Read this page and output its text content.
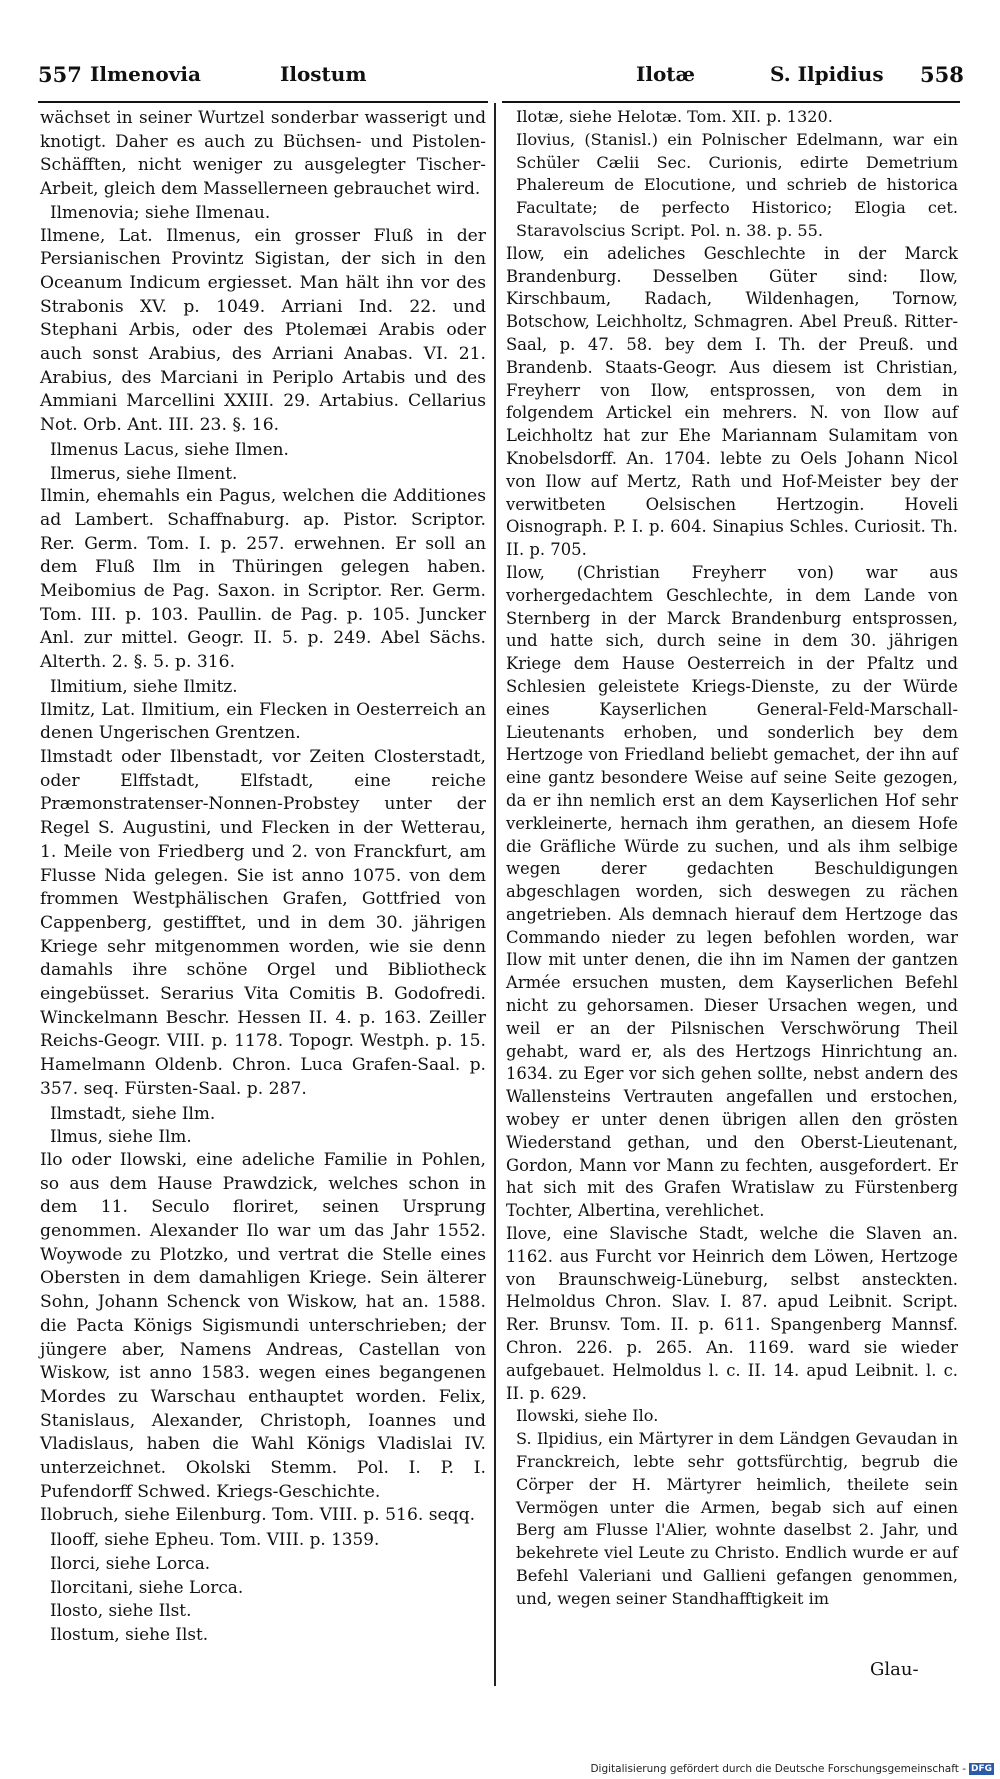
557 Ilmenovia	Ilostum	Ilotæ	S. Ilpidius 558

wächset in seiner Wurtzel sonderbar wasserigt und knotigt. Daher es auch zu Büchsen- und Pistolen-Schäfften, nicht weniger zu ausgelegter Tischer-Arbeit, gleich dem Massellerneen gebrauchet wird.

Ilmenovia; siehe Ilmenau.

Ilmene, Lat. Ilmenus, ein grosser Fluß in der Persianischen Provintz Sigistan, der sich in den Oceanum Indicum ergiesset. Man hält ihn vor des Strabonis XV. p. 1049. Arriani Ind. 22. und Stephani Arbis, oder des Ptolemæi Arabis oder auch sonst Arabius, des Arriani Anabas. VI. 21. Arabius, des Marciani in Periplo Artabis und des Ammiani Marcellini XXIII. 29. Artabius. Cellarius Not. Orb. Ant. III. 23. §. 16.

Ilmenus Lacus, siehe Ilmen.

Ilmerus, siehe Ilment.

Ilmin, ehemahls ein Pagus, welchen die Additiones ad Lambert. Schaffnaburg. ap. Pistor. Scriptor. Rer. Germ. Tom. I. p. 257. erwehnen. Er soll an dem Fluß Ilm in Thüringen gelegen haben. Meibomius de Pag. Saxon. in Scriptor. Rer. Germ. Tom. III. p. 103. Paullin. de Pag. p. 105. Juncker Anl. zur mittel. Geogr. II. 5. p. 249. Abel Sächs. Alterth. 2. §. 5. p. 316.

Ilmitium, siehe Ilmitz.

Ilmitz, Lat. Ilmitium, ein Flecken in Oesterreich an denen Ungerischen Grentzen.

Ilmstadt oder Ilbenstadt, vor Zeiten Closterstadt, oder Elffstadt, Elfstadt, eine reiche Præmonstratenser-Nonnen-Probstey unter der Regel S. Augustini, und Flecken in der Wetterau, 1. Meile von Friedberg und 2. von Franckfurt, am Flusse Nida gelegen. Sie ist anno 1075. von dem frommen Westphälischen Grafen, Gottfried von Cappenberg, gestifftet, und in dem 30. jährigen Kriege sehr mitgenommen worden, wie sie denn damahls ihre schöne Orgel und Bibliotheck eingebüsset. Serarius Vita Comitis B. Godofredi. Winckelmann Beschr. Hessen II. 4. p. 163. Zeiller Reichs-Geogr. VIII. p. 1178. Topogr. Westph. p. 15. Hamelmann Oldenb. Chron. Luca Grafen-Saal. p. 357. seq. Fürsten-Saal. p. 287.

Ilmstadt, siehe Ilm.

Ilmus, siehe Ilm.

Ilo oder Ilowski, eine adeliche Familie in Pohlen, so aus dem Hause Prawdzick, welches schon in dem 11. Seculo floriret, seinen Ursprung genommen. Alexander Ilo war um das Jahr 1552. Woywode zu Plotzko, und vertrat die Stelle eines Obersten in dem damahligen Kriege. Sein älterer Sohn, Johann Schenck von Wiskow, hat an. 1588. die Pacta Königs Sigismundi unterschrieben; der jüngere aber, Namens Andreas, Castellan von Wiskow, ist anno 1583. wegen eines begangenen Mordes zu Warschau enthauptet worden. Felix, Stanislaus, Alexander, Christoph, Ioannes und Vladislaus, haben die Wahl Königs Vladislai IV. unterzeichnet. Okolski Stemm. Pol. I. P. I. Pufendorff Schwed. Kriegs-Geschichte.

Ilobruch, siehe Eilenburg. Tom. VIII. p. 516. seqq.

Ilooff, siehe Epheu. Tom. VIII. p. 1359.

Ilorci, siehe Lorca.

Ilorcitani, siehe Lorca.

Ilosto, siehe Ilst.

Ilostum, siehe Ilst.

Ilotæ, siehe Helotæ. Tom. XII. p. 1320.

Ilovius, (Stanisl.) ein Polnischer Edelmann, war ein Schüler Cælii Sec. Curionis, edirte Demetrium Phalereum de Elocutione, und schrieb de historica Facultate; de perfecto Historico; Elogia cet. Staravolscius Script. Pol. n. 38. p. 55.

Ilow, ein adeliches Geschlechte in der Marck Brandenburg. Desselben Güter sind: Ilow, Kirschbaum, Radach, Wildenhagen, Tornow, Botschow, Leichholtz, Schmagren. Abel Preuß. Ritter-Saal, p. 47. 58. bey dem I. Th. der Preuß. und Brandenb. Staats-Geogr. Aus diesem ist Christian, Freyherr von Ilow, entsprossen, von dem in folgendem Artickel ein mehrers. N. von Ilow auf Leichholtz hat zur Ehe Mariannam Sulamitam von Knobelsdorff. An. 1704. lebte zu Oels Johann Nicol von Ilow auf Mertz, Rath und Hof-Meister bey der verwitbeten Oelsischen Hertzogin. Hoveli Oisnograph. P. I. p. 604. Sinapius Schles. Curiosit. Th. II. p. 705.

Ilow, (Christian Freyherr von) war aus vorhergedachtem Geschlechte, in dem Lande von Sternberg in der Marck Brandenburg entsprossen, und hatte sich, durch seine in dem 30. jährigen Kriege dem Hause Oesterreich in der Pfaltz und Schlesien geleistete Kriegs-Dienste, zu der Würde eines Kayserlichen General-Feld-Marschall-Lieutenants erhoben, und sonderlich bey dem Hertzoge von Friedland beliebt gemachet, der ihn auf eine gantz besondere Weise auf seine Seite gezogen, da er ihn nemlich erst an dem Kayserlichen Hof sehr verkleinerte, hernach ihm gerathen, an diesem Hofe die Gräfliche Würde zu suchen, und als ihm selbige wegen derer gedachten Beschuldigungen abgeschlagen worden, sich deswegen zu rächen angetrieben. Als demnach hierauf dem Hertzoge das Commando nieder zu legen befohlen worden, war Ilow mit unter denen, die ihn im Namen der gantzen Armée ersuchen musten, dem Kayserlichen Befehl nicht zu gehorsamen. Dieser Ursachen wegen, und weil er an der Pilsnischen Verschwörung Theil gehabt, ward er, als des Hertzogs Hinrichtung an. 1634. zu Eger vor sich gehen sollte, nebst andern des Wallensteins Vertrauten angefallen und erstochen, wobey er unter denen übrigen allen den grösten Wiederstand gethan, und den Oberst-Lieutenant, Gordon, Mann vor Mann zu fechten, ausgefordert. Er hat sich mit des Grafen Wratislaw zu Fürstenberg Tochter, Albertina, verehlichet.

Ilove, eine Slavische Stadt, welche die Slaven an. 1162. aus Furcht vor Heinrich dem Löwen, Hertzoge von Braunschweig-Lüneburg, selbst ansteckten. Helmoldus Chron. Slav. I. 87. apud Leibnit. Script. Rer. Brunsv. Tom. II. p. 611. Spangenberg Mannsf. Chron. 226. p. 265. An. 1169. ward sie wieder aufgebauet. Helmoldus l. c. II. 14. apud Leibnit. l. c. II. p. 629.

Ilowski, siehe Ilo.

S. Ilpidius, ein Märtyrer in dem Ländgen Gevaudan in Franckreich, lebte sehr gottsfürchtig, begrub die Cörper der H. Märtyrer heimlich, theilete sein Vermögen unter die Armen, begab sich auf einen Berg am Flusse l'Alier, wohnte daselbst 2. Jahr, und bekehrete viel Leute zu Christo. Endlich wurde er auf Befehl Valeriani und Gallieni gefangen genommen, und, wegen seiner Standhafftigkeit im

Glau-
Digitalisierung gefördert durch die Deutsche Forschungsgemeinschaft - DFG
